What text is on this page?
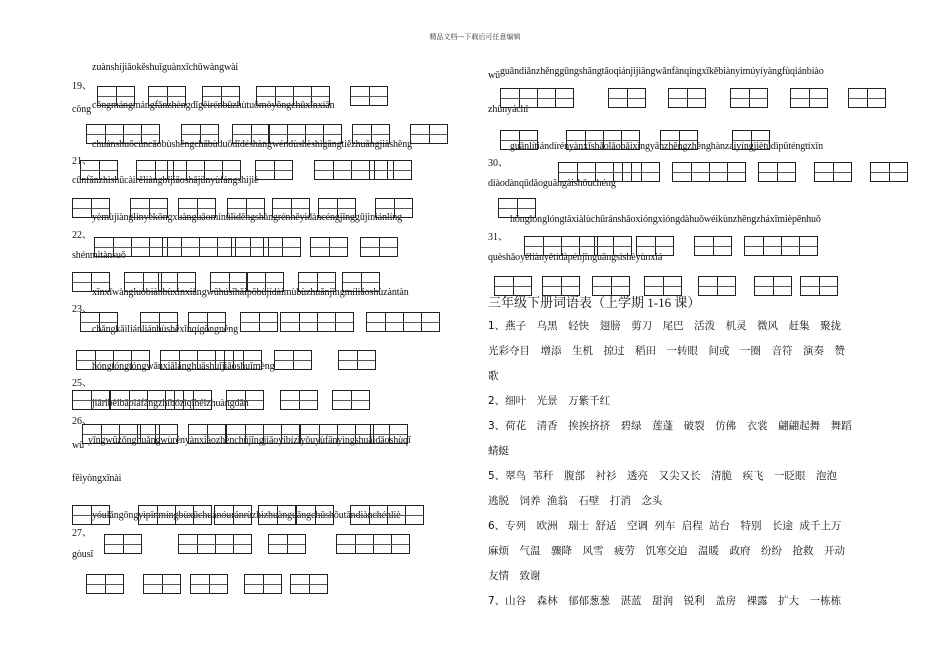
精品文档---下载后可任意编辑
zuànshíjiāokěshuǐguànxīchūwàngwài
19、
cōng cōngmángmángfǎnzhèngdīgēirénbǔzhùtuōmòyǒngchūxīnxiān
chuánshuōcúncǎobùshēngchābùduōdǐdéshàngwéndùshèshìgāngtiězhuāngjiàshēng
21、
cūnfǎnzhìshūcàirěliàngbǐjiāoshājūnyùfángshìjiè
yèmùjiànglínyèkōngxuànguāomínǔlìdēngshàngrénhěyidàncéngjīnggūjiniánlíng
22、
shénmìtànsuǒ
xīnxīwàngluòbiànbùxìnxiǎngwǔhúsīhǎipōbùjídàimùbùzhuǎnjīngmíliǎoshùzàntàn
23、
chǎngkāiliánliánbùshěxīnqígōngnéng
hóngtóngtóngwǎnxiālánghuāshuǐjiāoshuǐmèng
25、
jiāribèibǎoláfǎngzhíbózìqǐhéizhuàngdǎn
26、
wǔ yīngwǔzǒnghuǎngwùrényànxiàozhènchǔjīngjiāoyibízǐyōuyùfānyìngshuāidǎoshùqī
fēiyòngxīnài
yóulǎngōngyìpǐnmíngbùxūchuánóuránrùzhìzhuànguāngchūshōutāndiànchénliè
27、
gòusī
wǔ guāndiǎnzhěnggūngshāngtāoqiánjìjiāngwǎnfànqíngxīkěbiànyìmúyíyàngfùqiánbiào
zhūnyáchǐ
guānlítiándírényànxīshǎolǎobǎixìngyānzhēngzhènghànzaiyíngjiètúdìpūténgtíxīn
30、
diàodànqūdǎoguāngàishōuchéng
hōnglónglóngtāxiàlùchūránshāoxióngxióngdàhuǒwéikùnzhēngzháxīmièpēnhuǒ
31、
quèshǎoyěliànyětídàpénjīnguāngsìshèyùnxiá
三年级下册词语表（上学期 1-16 课）
1、燕子　乌黑　轻快　翅膀　剪刀　尾巴　活泼　机灵　微风　赶集　聚拢
光彩夺目　增添　生机　掠过　稻田　一转眼　间或　一圈　音符　演奏　赞
歌
2、细叶　光景　万紫千红
3、荷花　清香　挨挨挤挤　碧绿　莲蓬　破裂　仿佛　衣裳　翩翩起舞　舞蹈
蜻蜓
5、翠鸟 苇秆　腹部　衬衫　透亮　又尖又长　清脆　疾飞　一眨眼　泡泡
逃脱　饲养 渔翁　石壁　打消　念头
6、专列　欧洲　瑞士 舒适　空调 列车 启程 站台　特别　长途 成千上万
麻烦　气温　骤降　风雪　疲劳　饥寒交迫　温暖　政府　纷纷　抢救　开动
友情　致谢
7、山谷　森林　郁郁葱葱　湛蓝　甜润　锐利　盖房　裸露　扩大　一栋栋
